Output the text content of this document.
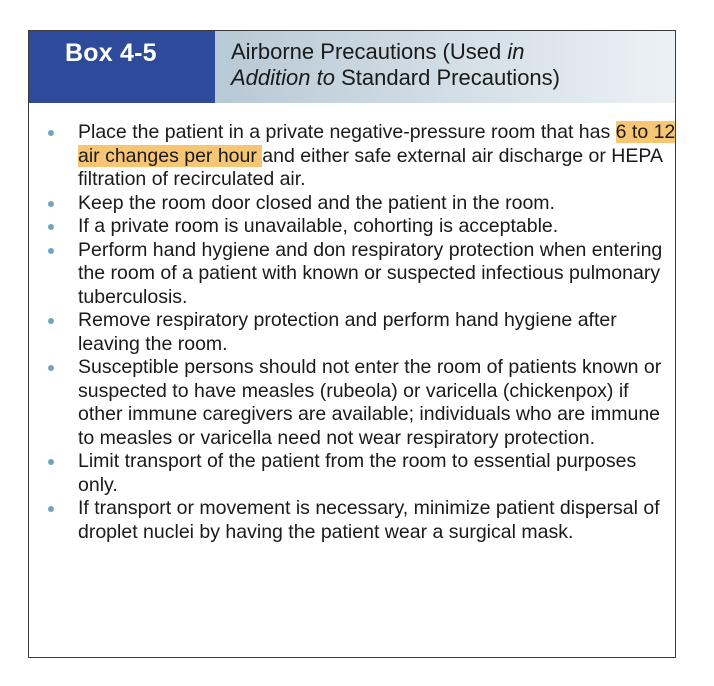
Box 4-5	Airborne Precautions (Used in
Addition to Standard Precautions)
Place the patient in a private negative-pressure room that has 6 to 12 air changes per hour and either safe external air discharge or HEPA filtration of recirculated air.
Keep the room door closed and the patient in the room.
If a private room is unavailable, cohorting is acceptable.
Perform hand hygiene and don respiratory protection when entering the room of a patient with known or suspected infectious pulmonary tuberculosis.
Remove respiratory protection and perform hand hygiene after leaving the room.
Susceptible persons should not enter the room of patients known or suspected to have measles (rubeola) or varicella (chickenpox) if other immune caregivers are available; individuals who are immune to measles or varicella need not wear respiratory protection.
Limit transport of the patient from the room to essential purposes only.
If transport or movement is necessary, minimize patient dispersal of droplet nuclei by having the patient wear a surgical mask.
